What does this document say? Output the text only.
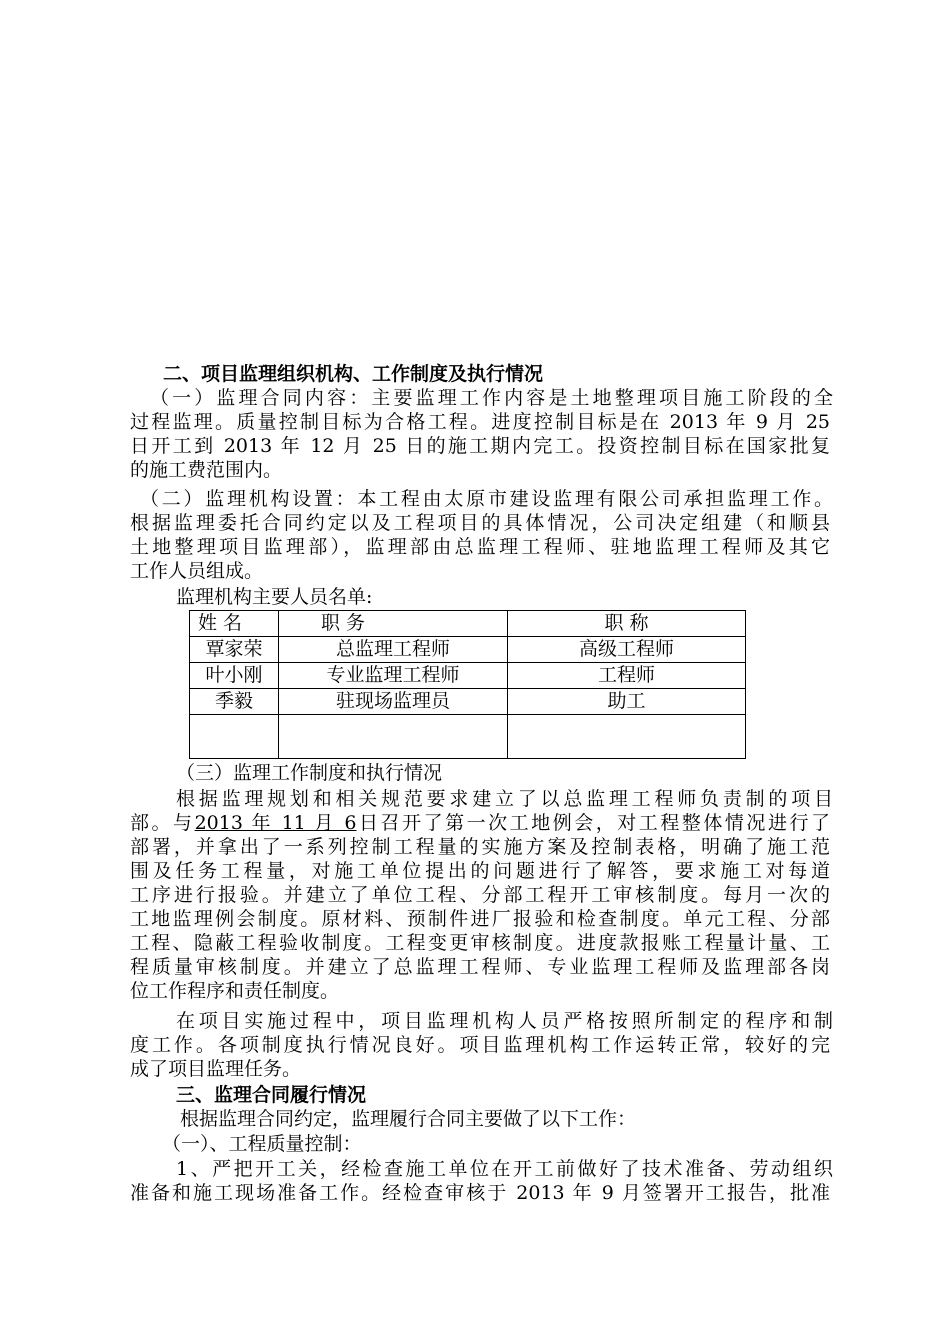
二、项目监理组织机构、工作制度及执行情况

（一）监理合同内容：主要监理工作内容是土地整理项目施工阶段的全

过程监理。质量控制目标为合格工程。进度控制目标是在 2013 年 9 月 25

日开工到 2013 年 12 月 25 日的施工期内完工。投资控制目标在国家批复

的施工费范围内。

（二）监理机构设置：本工程由太原市建设监理有限公司承担监理工作。

根据监理委托合同约定以及工程项目的具体情况，公司决定组建（和顺县

土地整理项目监理部），监理部由总监理工程师、驻地监理工程师及其它

工作人员组成。

监理机构主要人员名单:

姓 名	职 务	职 称
覃家荣	总监理工程师	高级工程师
叶小刚	专业监理工程师	工程师
季毅	驻现场监理员	助工

（三）监理工作制度和执行情况

根据监理规划和相关规范要求建立了以总监理工程师负责制的项目

部。与2013 年 11 月 6日召开了第一次工地例会，对工程整体情况进行了

部署，并拿出了一系列控制工程量的实施方案及控制表格，明确了施工范

围及任务工程量，对施工单位提出的问题进行了解答，要求施工对每道

工序进行报验。并建立了单位工程、分部工程开工审核制度。每月一次的

工地监理例会制度。原材料、预制件进厂报验和检查制度。单元工程、分部

工程、隐蔽工程验收制度。工程变更审核制度。进度款报账工程量计量、工

程质量审核制度。并建立了总监理工程师、专业监理工程师及监理部各岗

位工作程序和责任制度。

在项目实施过程中，项目监理机构人员严格按照所制定的程序和制

度工作。各项制度执行情况良好。项目监理机构工作运转正常，较好的完

成了项目监理任务。

三、监理合同履行情况

根据监理合同约定，监理履行合同主要做了以下工作：

（一）、工程质量控制：

1、严把开工关，经检查施工单位在开工前做好了技术准备、劳动组织

准备和施工现场准备工作。经检查审核于 2013 年 9 月签署开工报告，批准
